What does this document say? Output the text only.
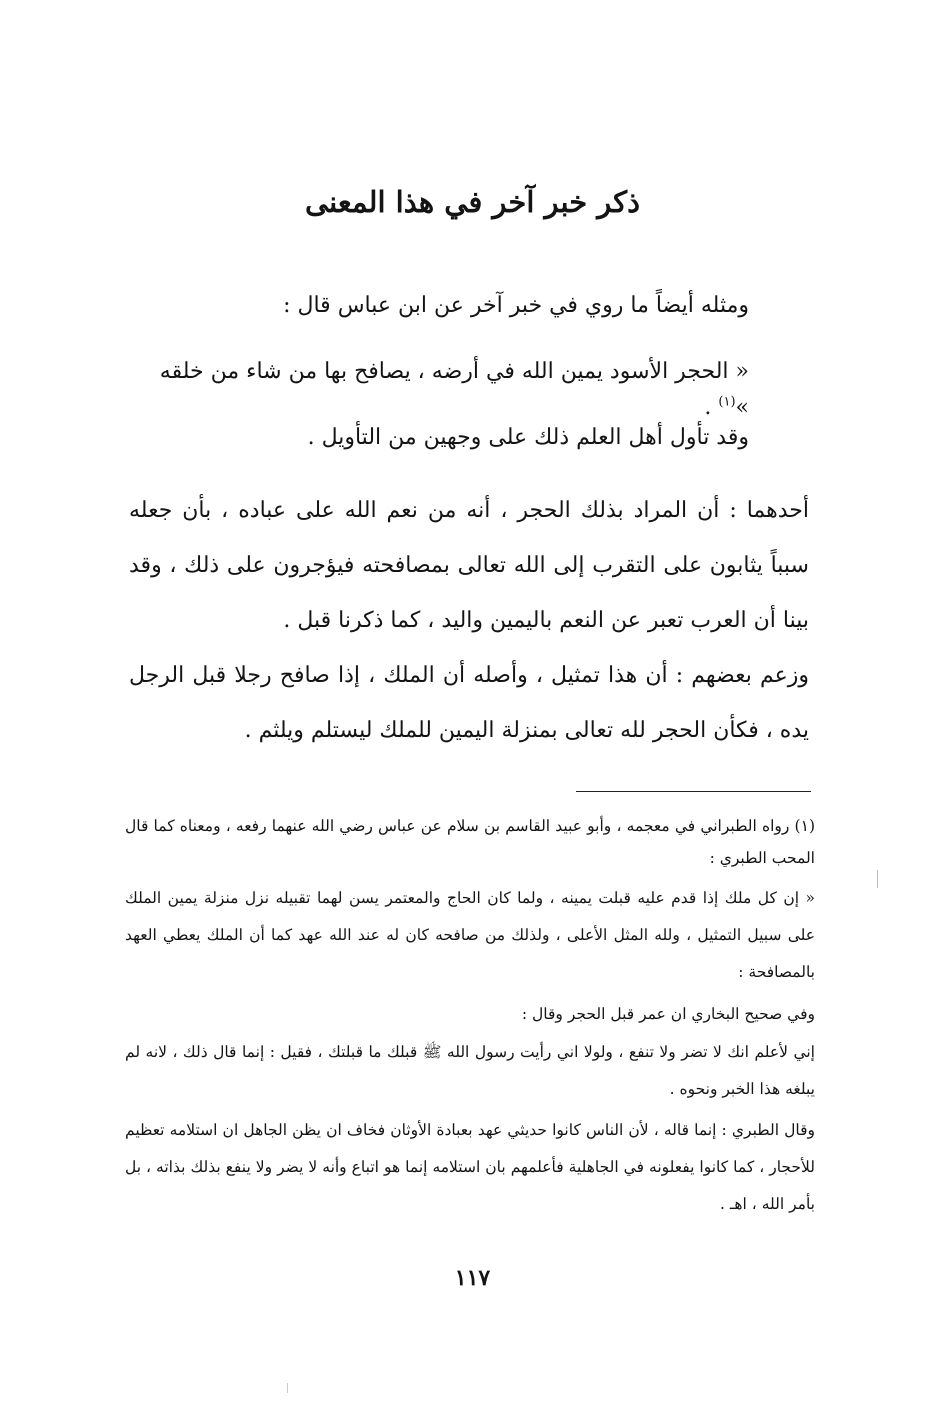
ذكر خبر آخر في هذا المعنى

ومثله أيضاً ما روي في خبر آخر عن ابن عباس قال :

« الحجر الأسود يمين الله في أرضه ، يصافح بها من شاء من خلقه »$^{(١)}$ .

وقد تأول أهل العلم ذلك على وجهين من التأويل .

أحدهما : أن المراد بذلك الحجر ، أنه من نعم الله على عباده ، بأن جعله سبباً يثابون على التقرب إلى الله تعالى بمصافحته فيؤجرون على ذلك ، وقد بينا أن العرب تعبر عن النعم باليمين واليد ، كما ذكرنا قبل .

وزعم بعضهم : أن هذا تمثيل ، وأصله أن الملك ، إذا صافح رجلا قبل الرجل يده ، فكأن الحجر لله تعالى بمنزلة اليمين للملك ليستلم ويلثم .

(١) رواه الطبراني في معجمه ، وأبو عبيد القاسم بن سلام عن عباس رضي الله عنهما رفعه ، ومعناه كما قال المحب الطبري :

« إن كل ملك إذا قدم عليه قبلت يمينه ، ولما كان الحاج والمعتمر يسن لهما تقبيله نزل منزلة يمين الملك على سبيل التمثيل ، ولله المثل الأعلى ، ولذلك من صافحه كان له عند الله عهد كما أن الملك يعطي العهد بالمصافحة :

وفي صحيح البخاري ان عمر قبل الحجر وقال :

إني لأعلم انك لا تضر ولا تنفع ، ولولا اني رأيت رسول الله ﷺ قبلك ما قبلتك ، فقيل : إنما قال ذلك ، لانه لم يبلغه هذا الخبر ونحوه .

وقال الطبري : إنما قاله ، لأن الناس كانوا حديثي عهد بعبادة الأوثان فخاف ان يظن الجاهل ان استلامه تعظيم للأحجار ، كما كانوا يفعلونه في الجاهلية فأعلمهم بان استلامه إنما هو اتباع وأنه لا يضر ولا ينفع بذلك بذاته ، بل بأمر الله ، اهـ .

١١٧
